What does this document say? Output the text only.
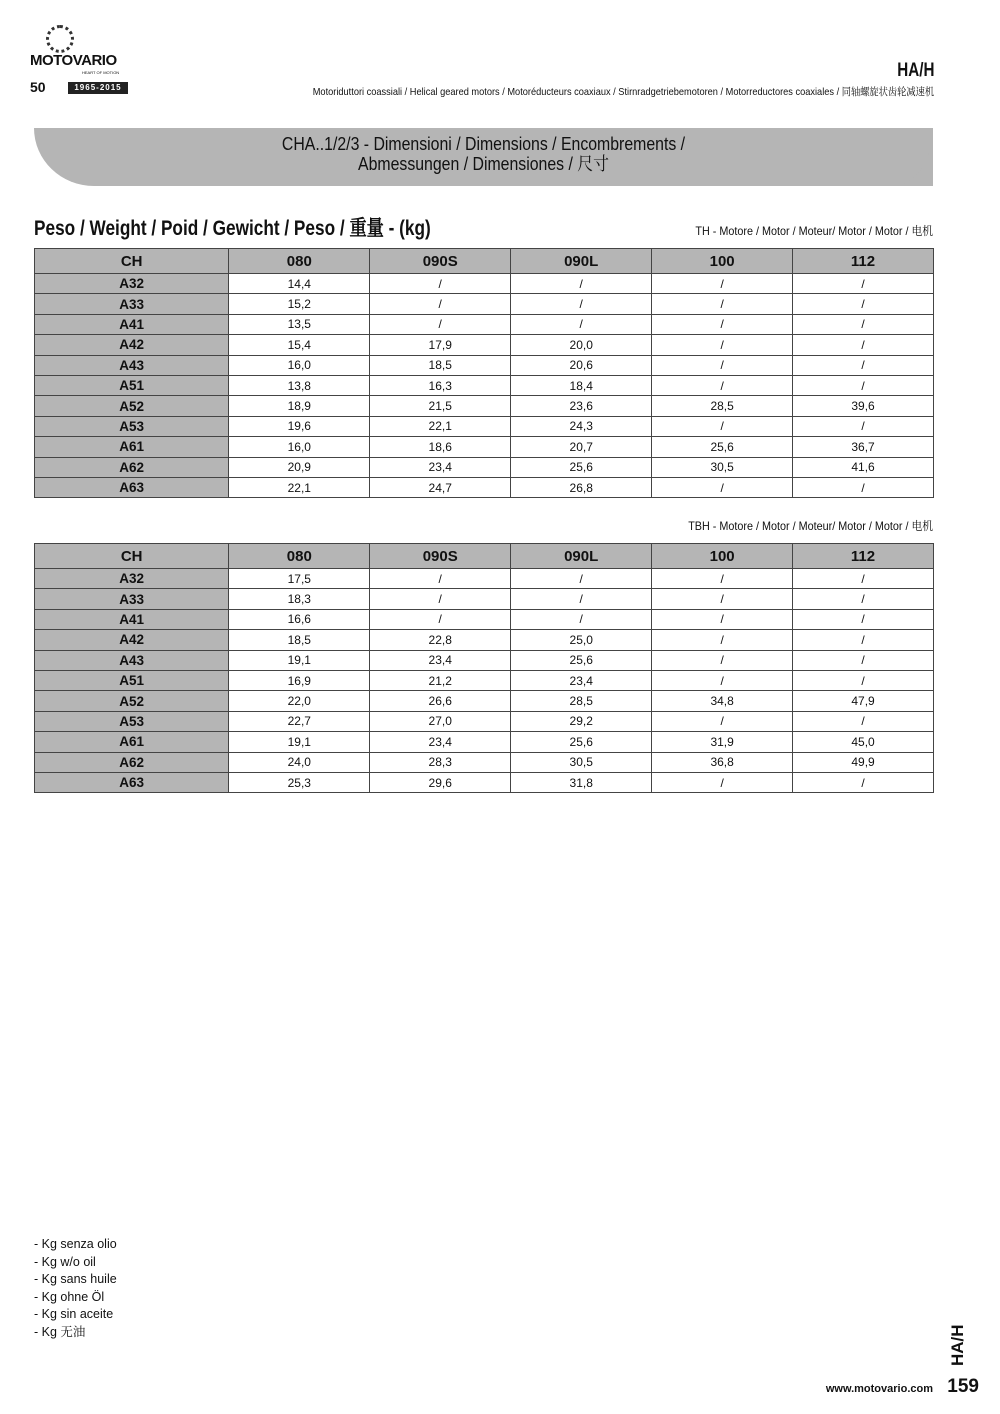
MOTOVARIO
HEART OF MOTION
50	1965-2015
HA/H
Motoriduttori coassiali / Helical geared motors / Motoréducteurs coaxiaux / Stirnradgetriebemotoren / Motorreductores coaxiales / 同轴螺旋状齿轮减速机
CHA..1/2/3 - Dimensioni / Dimensions / Encombrements /
Abmessungen / Dimensiones / 尺寸
Peso / Weight / Poid / Gewicht / Peso / 重量 - (kg)	TH - Motore / Motor / Moteur/ Motor / Motor / 电机
CH	080	090S	090L	100	112
A32	14,4	/	/	/	/
A33	15,2	/	/	/	/
A41	13,5	/	/	/	/
A42	15,4	17,9	20,0	/	/
A43	16,0	18,5	20,6	/	/
A51	13,8	16,3	18,4	/	/
A52	18,9	21,5	23,6	28,5	39,6
A53	19,6	22,1	24,3	/	/
A61	16,0	18,6	20,7	25,6	36,7
A62	20,9	23,4	25,6	30,5	41,6
A63	22,1	24,7	26,8	/	/
TBH - Motore / Motor / Moteur/ Motor / Motor / 电机
CH	080	090S	090L	100	112
A32	17,5	/	/	/	/
A33	18,3	/	/	/	/
A41	16,6	/	/	/	/
A42	18,5	22,8	25,0	/	/
A43	19,1	23,4	25,6	/	/
A51	16,9	21,2	23,4	/	/
A52	22,0	26,6	28,5	34,8	47,9
A53	22,7	27,0	29,2	/	/
A61	19,1	23,4	25,6	31,9	45,0
A62	24,0	28,3	30,5	36,8	49,9
A63	25,3	29,6	31,8	/	/
- Kg senza olio
- Kg w/o oil
- Kg sans huile
- Kg ohne Öl
- Kg sin aceite
- Kg 无油
www.motovario.com 159
HA/H
